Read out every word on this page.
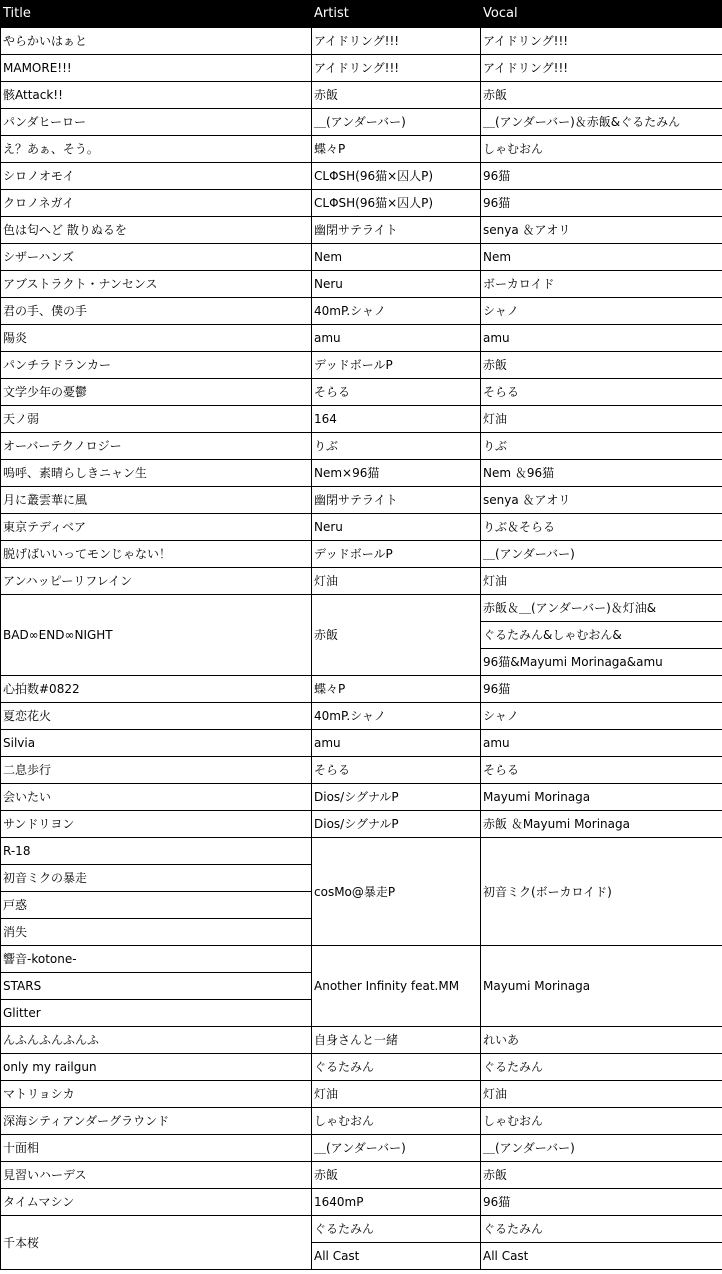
Title	Artist	Vocal
やらかいはぁと	アイドリング!!!	アイドリング!!!
MAMORE!!!	アイドリング!!!	アイドリング!!!
骸Attack!!	赤飯	赤飯
パンダヒーロー	＿(アンダーバー)	＿(アンダーバー)＆赤飯&ぐるたみん
え？あぁ、そう。	蝶々P	しゃむおん
シロノオモイ	CLΦSH(96猫×囚人P)	96猫
クロノネガイ	CLΦSH(96猫×囚人P)	96猫
色は匂へど 散りぬるを	幽閉サテライト	senya ＆アオリ
シザーハンズ	Nem	Nem
アブストラクト・ナンセンス	Neru	ボーカロイド
君の手、僕の手	40mP.シャノ	シャノ
陽炎	amu	amu
パンチラドランカー	デッドボールP	赤飯
文学少年の憂鬱	そらる	そらる
天ノ弱	164	灯油
オーバーテクノロジー	りぶ	りぶ
嗚呼、素晴らしきニャン生	Nem×96猫	Nem ＆96猫
月に叢雲華に風	幽閉サテライト	senya ＆アオリ
東京テディベア	Neru	りぶ＆そらる
脱げばいいってモンじゃない！	デッドボールP	＿(アンダーバー)
アンハッピーリフレイン	灯油	灯油
BAD∞END∞NIGHT	赤飯	赤飯＆＿(アンダーバー)＆灯油&
		ぐるたみん&しゃむおん&
		96猫&Mayumi Morinaga&amu
心拍数#0822	蝶々P	96猫
夏恋花火	40mP.シャノ	シャノ
Silvia	amu	amu
二息歩行	そらる	そらる
会いたい	Dios/シグナルP	Mayumi Morinaga
サンドリヨン	Dios/シグナルP	赤飯 ＆Mayumi Morinaga
R-18	cosMo@暴走P	初音ミク(ボーカロイド)
初音ミクの暴走		
戸惑		
消失		
響音-kotone-	Another Infinity feat.MM	Mayumi Morinaga
STARS		
Glitter		
んふんふんふんふ	自身さんと一緒	れいあ
only my railgun	ぐるたみん	ぐるたみん
マトリョシカ	灯油	灯油
深海シティアンダーグラウンド	しゃむおん	しゃむおん
十面相	＿(アンダーバー)	＿(アンダーバー)
見習いハーデス	赤飯	赤飯
タイムマシン	1640mP	96猫
千本桜	ぐるたみん	ぐるたみん
	All Cast	All Cast
